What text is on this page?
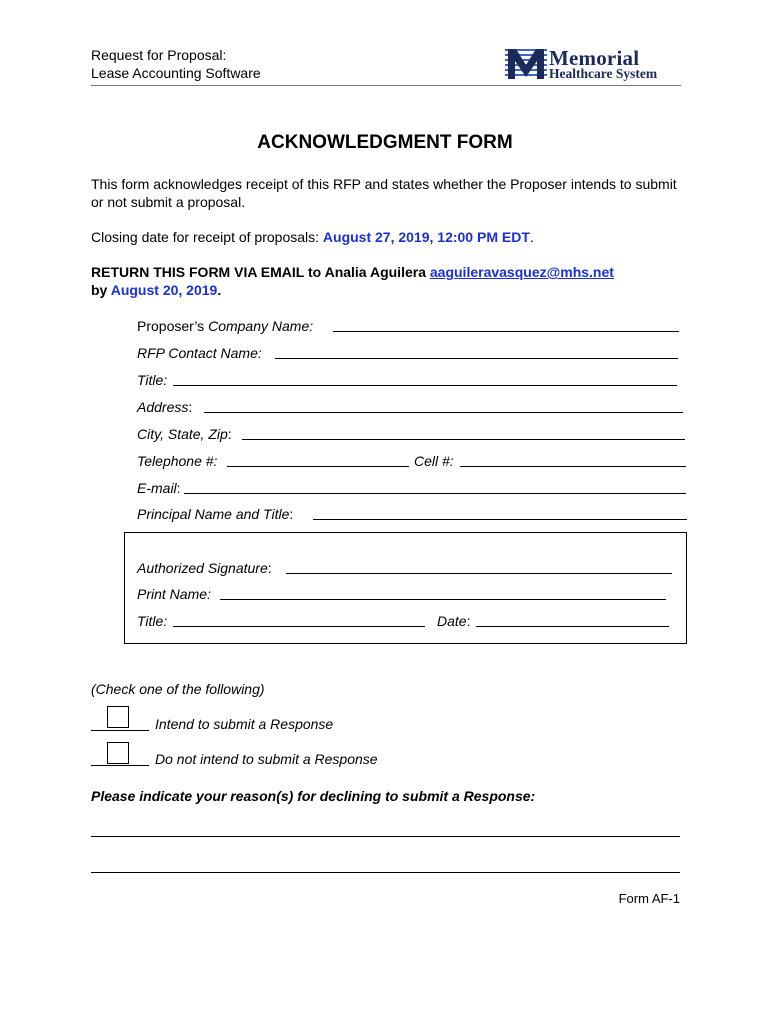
Request for Proposal:
Lease Accounting Software
Memorial
Healthcare System
ACKNOWLEDGMENT FORM
This form acknowledges receipt of this RFP and states whether the Proposer intends to submit or not submit a proposal.
Closing date for receipt of proposals: August 27, 2019, 12:00 PM EDT.
RETURN THIS FORM VIA EMAIL to Analia Aguilera aaguileravasquez@mhs.net
by August 20, 2019.
Proposer’s Company Name:
RFP Contact Name:
Title:
Address:
City, State, Zip:
Telephone #:	Cell #:
E-mail:
Principal Name and Title:
Authorized Signature:
Print Name:
Title:	Date:
(Check one of the following)
Intend to submit a Response
Do not intend to submit a Response
Please indicate your reason(s) for declining to submit a Response:
Form AF-1
